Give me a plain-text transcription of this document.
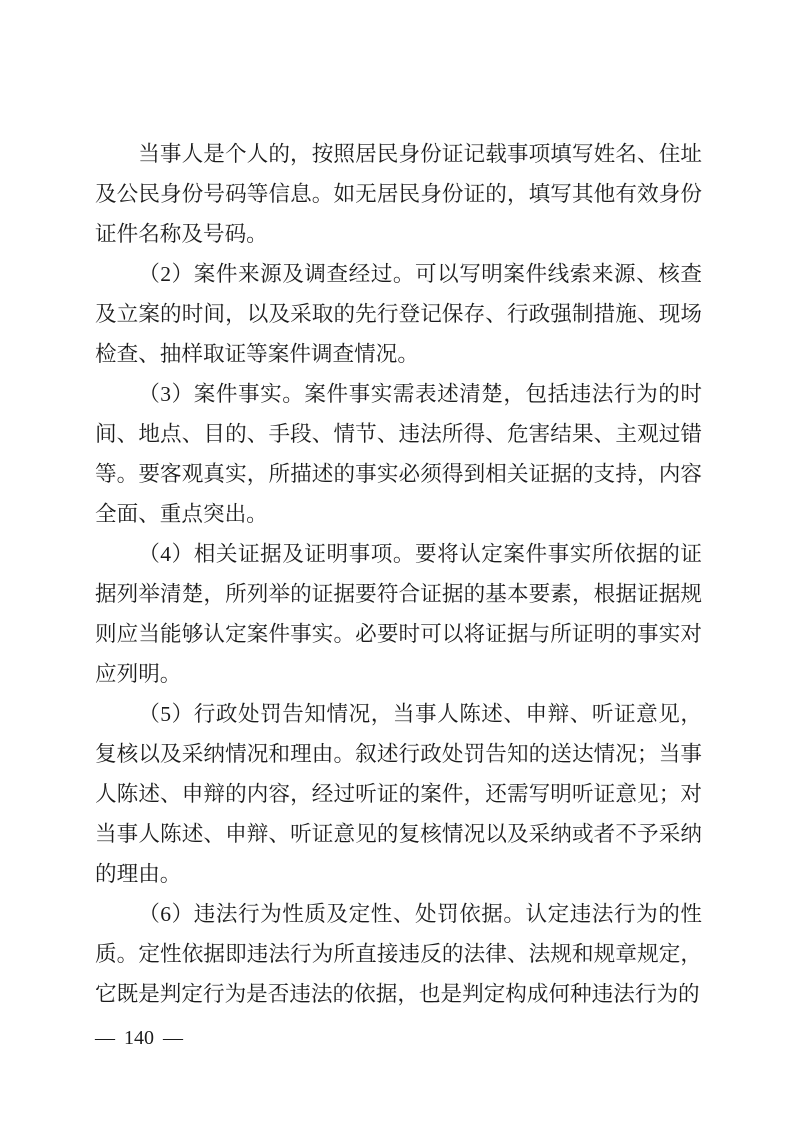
当事人是个人的，按照居民身份证记载事项填写姓名、住址及公民身份号码等信息。如无居民身份证的，填写其他有效身份证件名称及号码。

（2）案件来源及调查经过。可以写明案件线索来源、核查及立案的时间，以及采取的先行登记保存、行政强制措施、现场检查、抽样取证等案件调查情况。

（3）案件事实。案件事实需表述清楚，包括违法行为的时间、地点、目的、手段、情节、违法所得、危害结果、主观过错等。要客观真实，所描述的事实必须得到相关证据的支持，内容全面、重点突出。

（4）相关证据及证明事项。要将认定案件事实所依据的证据列举清楚，所列举的证据要符合证据的基本要素，根据证据规则应当能够认定案件事实。必要时可以将证据与所证明的事实对应列明。

（5）行政处罚告知情况，当事人陈述、申辩、听证意见，复核以及采纳情况和理由。叙述行政处罚告知的送达情况；当事人陈述、申辩的内容，经过听证的案件，还需写明听证意见；对当事人陈述、申辩、听证意见的复核情况以及采纳或者不予采纳的理由。

（6）违法行为性质及定性、处罚依据。认定违法行为的性质。定性依据即违法行为所直接违反的法律、法规和规章规定，它既是判定行为是否违法的依据，也是判定构成何种违法行为的

— 140 —
